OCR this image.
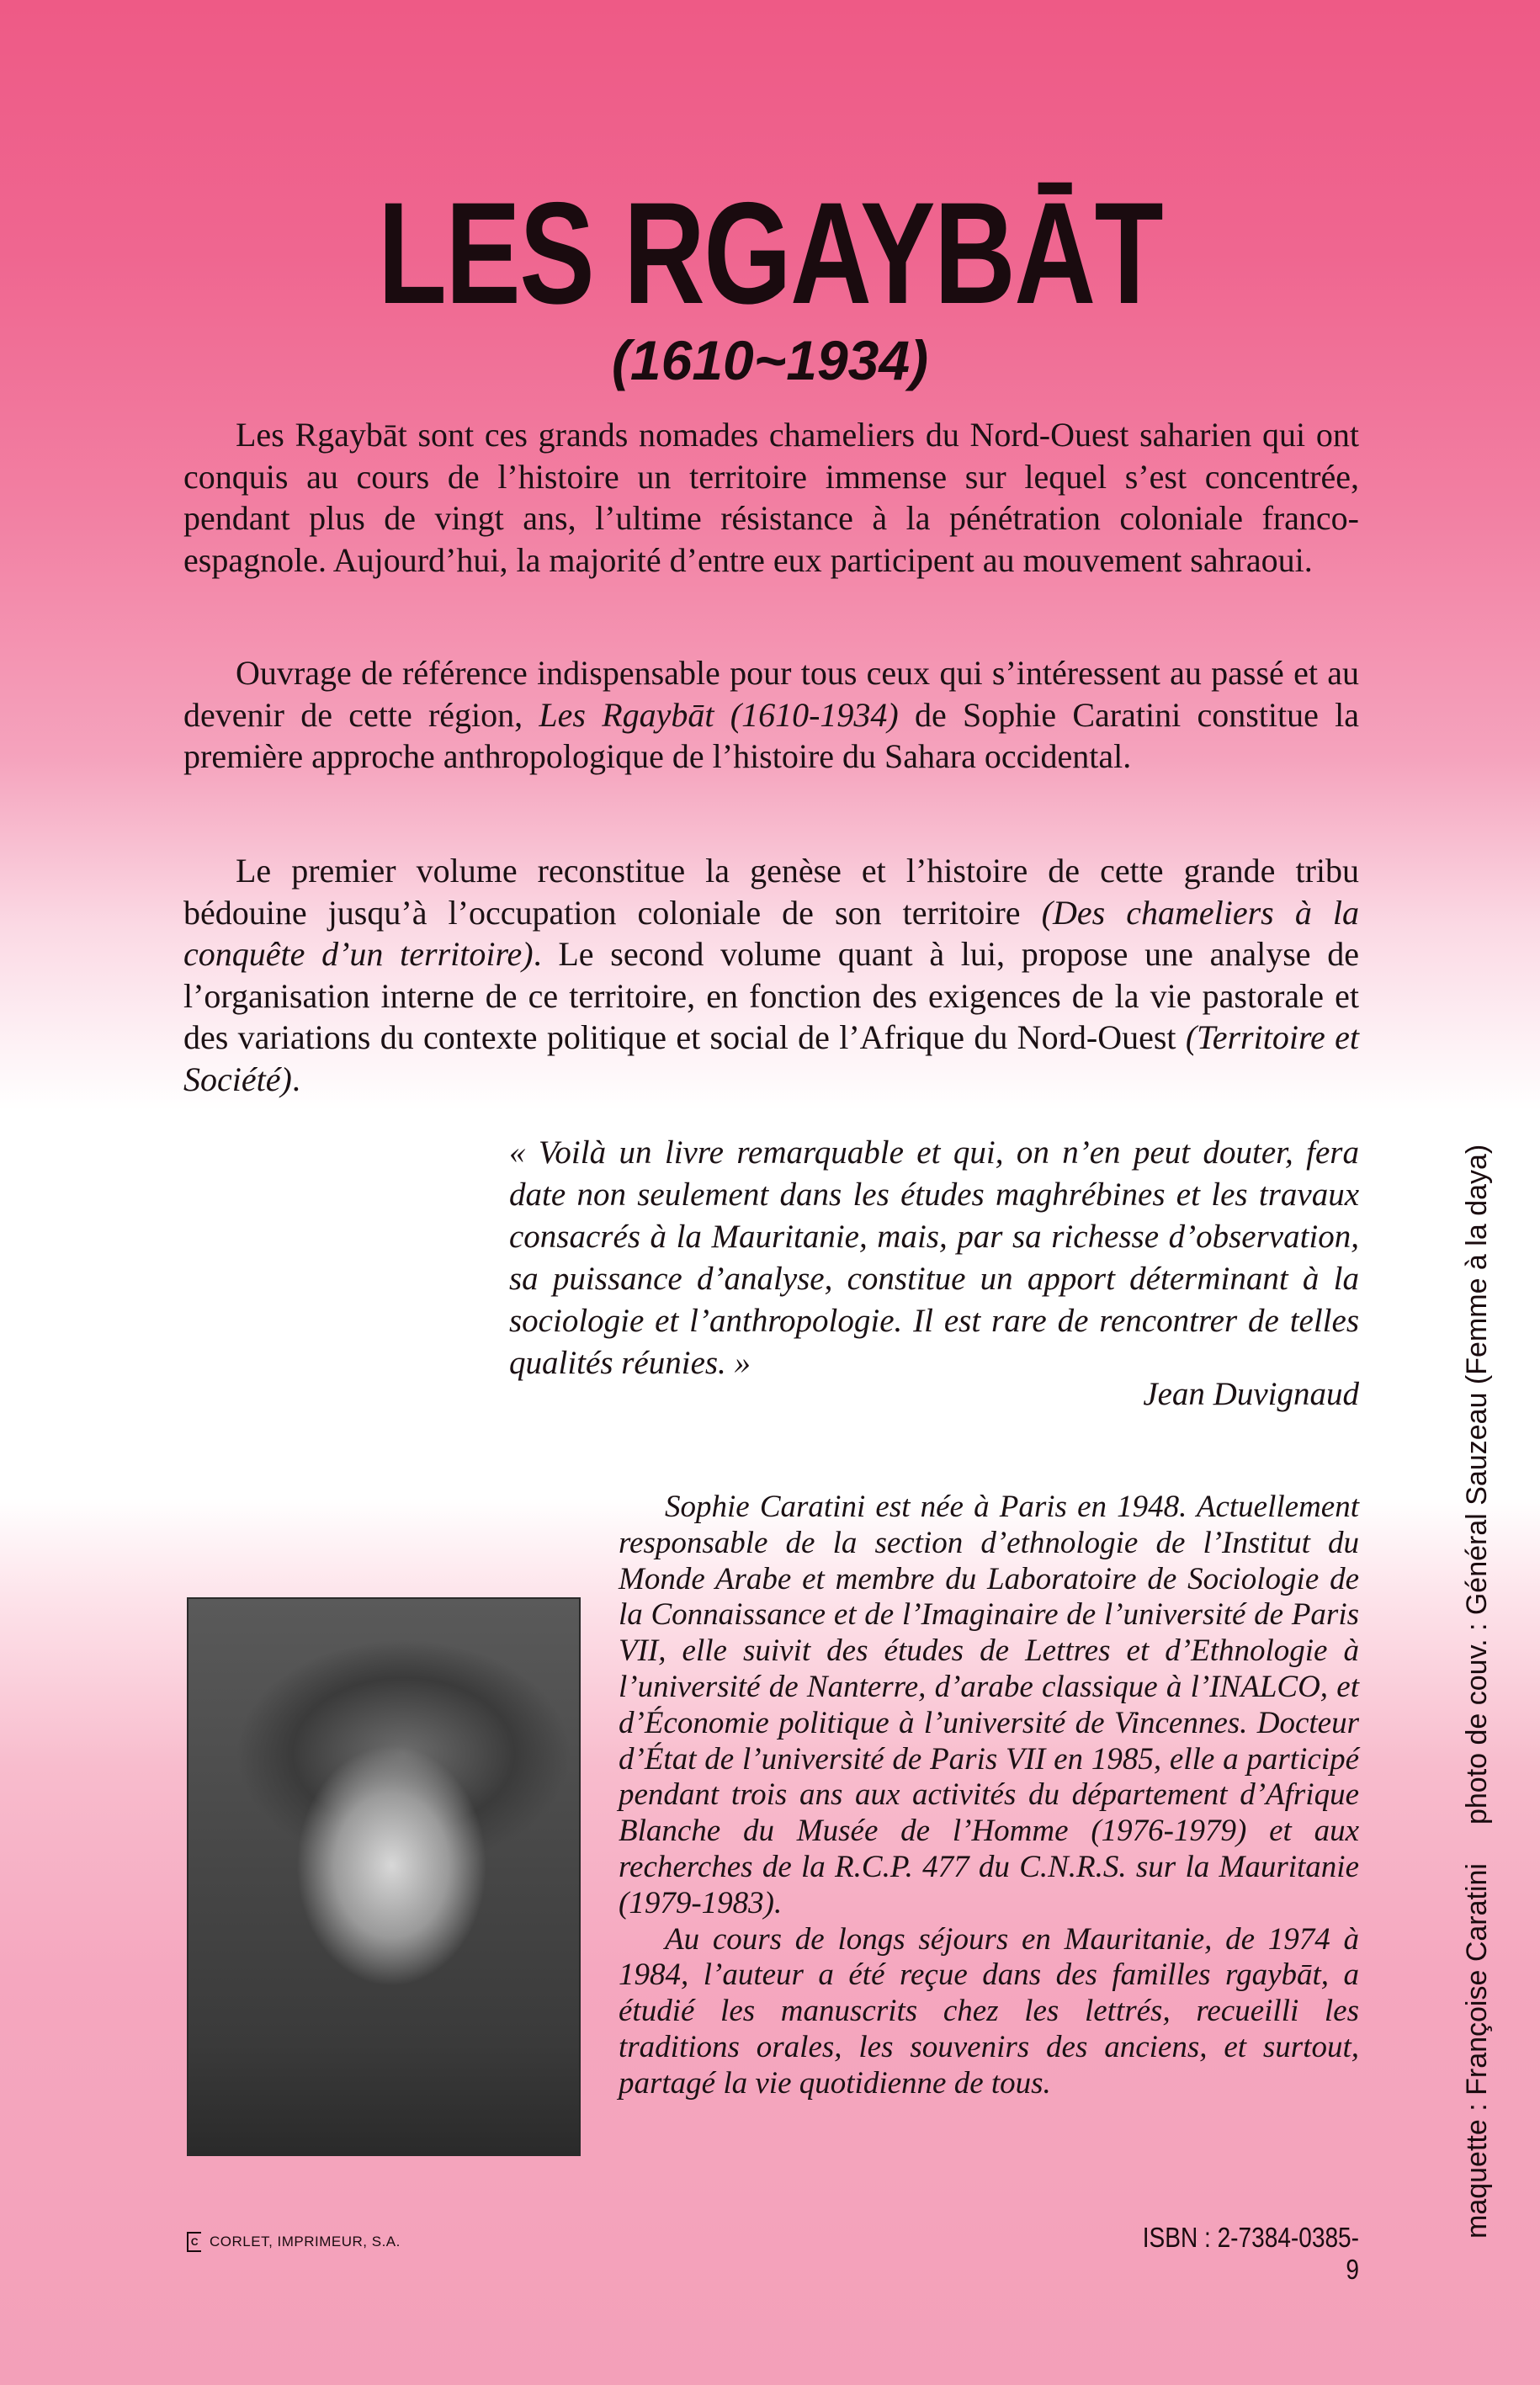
LES RGAYBĀT
(1610~1934)
Les Rgaybāt sont ces grands nomades chameliers du Nord-Ouest saharien qui ont conquis au cours de l’histoire un territoire immense sur lequel s’est concentrée, pendant plus de vingt ans, l’ultime résistance à la pénétration coloniale franco-espagnole. Aujourd’hui, la majorité d’entre eux participent au mouvement sahraoui.
Ouvrage de référence indispensable pour tous ceux qui s’intéressent au passé et au devenir de cette région, Les Rgaybāt (1610-1934) de Sophie Caratini constitue la première approche anthropologique de l’histoire du Sahara occidental.
Le premier volume reconstitue la genèse et l’histoire de cette grande tribu bédouine jusqu’à l’occupation coloniale de son territoire (Des chameliers à la conquête d’un territoire). Le second volume quant à lui, propose une analyse de l’organisation interne de ce territoire, en fonction des exigences de la vie pastorale et des variations du contexte politique et social de l’Afrique du Nord-Ouest (Territoire et Société).
« Voilà un livre remarquable et qui, on n’en peut douter, fera date non seulement dans les études maghrébines et les travaux consacrés à la Mauritanie, mais, par sa richesse d’observation, sa puissance d’analyse, constitue un apport déterminant à la sociologie et l’anthropologie. Il est rare de rencontrer de telles qualités réunies. »
Jean Duvignaud

Sophie Caratini est née à Paris en 1948. Actuellement responsable de la section d’ethnologie de l’Institut du Monde Arabe et membre du Laboratoire de Sociologie de la Connaissance et de l’Imaginaire de l’université de Paris VII, elle suivit des études de Lettres et d’Ethnologie à l’université de Nanterre, d’arabe classique à l’INALCO, et d’Économie politique à l’université de Vincennes. Docteur d’État de l’université de Paris VII en 1985, elle a participé pendant trois ans aux activités du département d’Afrique Blanche du Musée de l’Homme (1976-1979) et aux recherches de la R.C.P. 477 du C.N.R.S. sur la Mauritanie (1979-1983).

Au cours de longs séjours en Mauritanie, de 1974 à 1984, l’auteur a été reçue dans des familles rgaybāt, a étudié les manuscrits chez les lettrés, recueilli les traditions orales, les souvenirs des anciens, et surtout, partagé la vie quotidienne de tous.

C CORLET, IMPRIMEUR, S.A.	ISBN : 2-7384-0385-9
maquette : Françoise Caratiniphoto de couv. : Général Sauzeau (Femme à la daya)
